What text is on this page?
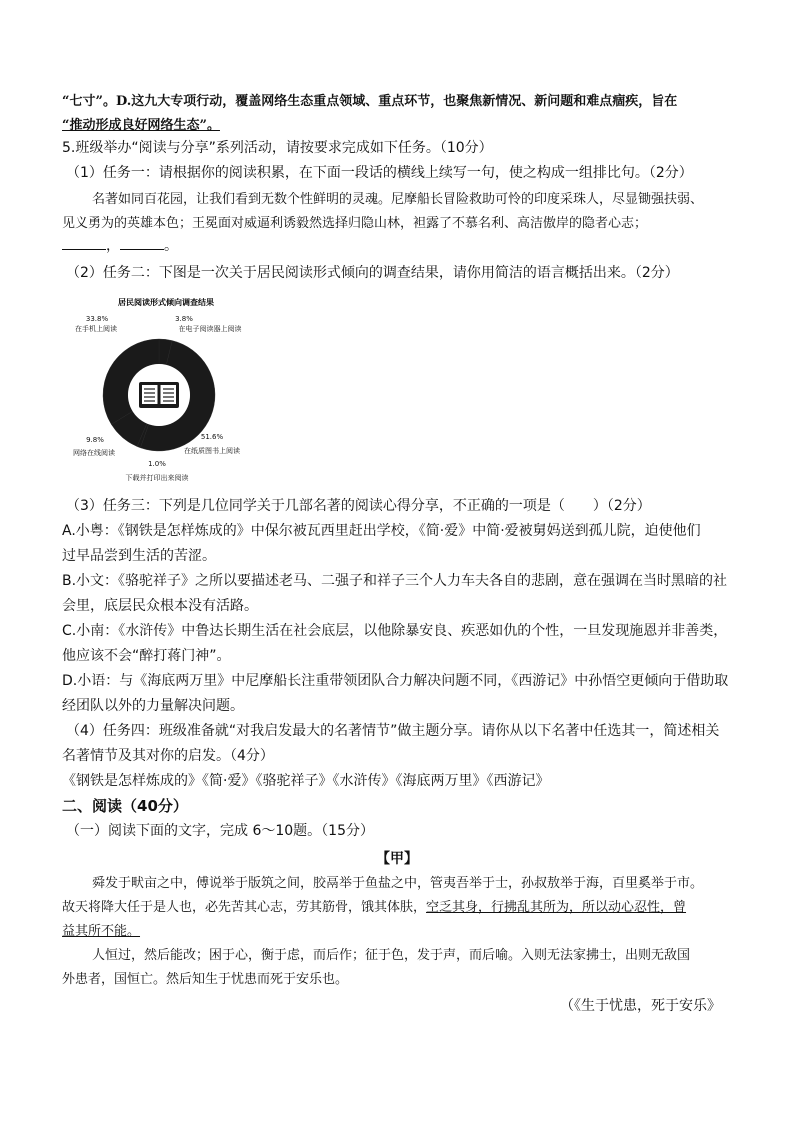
“七寸”。D.这九大专项行动，覆盖网络生态重点领域、重点环节，也聚焦新情况、新问题和难点痼疾，旨在
“推动形成良好网络生态”。
5.班级举办“阅读与分享”系列活动，请按要求完成如下任务。（10分）
（1）任务一：请根据你的阅读积累，在下面一段话的横线上续写一句，使之构成一组排比句。（2分）
名著如同百花园，让我们看到无数个性鲜明的灵魂。尼摩船长冒险救助可怜的印度采珠人，尽显锄强扶弱、
见义勇为的英雄本色；王冕面对威逼利诱毅然选择归隐山林，袒露了不慕名利、高洁傲岸的隐者心志；
，	。
（2）任务二：下图是一次关于居民阅读形式倾向的调查结果，请你用简洁的语言概括出来。（2分）
居民阅读形式倾向调查结果
51.6%
在纸质图书上阅读
33.8%
在手机上阅读
9.8%
网络在线阅读
3.8%
在电子阅读器上阅读
1.0%
下载并打印出来阅读
（3）任务三：下列是几位同学关于几部名著的阅读心得分享，不正确的一项是（　　）（2分）
A.小粤：《钢铁是怎样炼成的》中保尔被瓦西里赶出学校，《简·爱》中简·爱被舅妈送到孤儿院，迫使他们
过早品尝到生活的苦涩。
B.小文：《骆驼祥子》之所以要描述老马、二强子和祥子三个人力车夫各自的悲剧，意在强调在当时黑暗的社
会里，底层民众根本没有活路。
C.小南：《水浒传》中鲁达长期生活在社会底层，以他除暴安良、疾恶如仇的个性，一旦发现施恩并非善类，
他应该不会“醉打蒋门神”。
D.小语：与《海底两万里》中尼摩船长注重带领团队合力解决问题不同，《西游记》中孙悟空更倾向于借助取
经团队以外的力量解决问题。
（4）任务四：班级准备就“对我启发最大的名著情节”做主题分享。请你从以下名著中任选其一，简述相关
名著情节及其对你的启发。（4分）
《钢铁是怎样炼成的》《简·爱》《骆驼祥子》《水浒传》《海底两万里》《西游记》
二、阅读（40分）
（一）阅读下面的文字，完成 6～10题。（15分）
【甲】
舜发于畎亩之中，傅说举于版筑之间，胶鬲举于鱼盐之中，管夷吾举于士，孙叔敖举于海，百里奚举于市。
故天将降大任于是人也，必先苦其心志，劳其筋骨，饿其体肤，空乏其身，行拂乱其所为，所以动心忍性，曾
益其所不能。
人恒过，然后能改；困于心，衡于虑，而后作；征于色，发于声，而后喻。入则无法家拂士，出则无敌国
外患者，国恒亡。然后知生于忧患而死于安乐也。
（《生于忧患，死于安乐》
